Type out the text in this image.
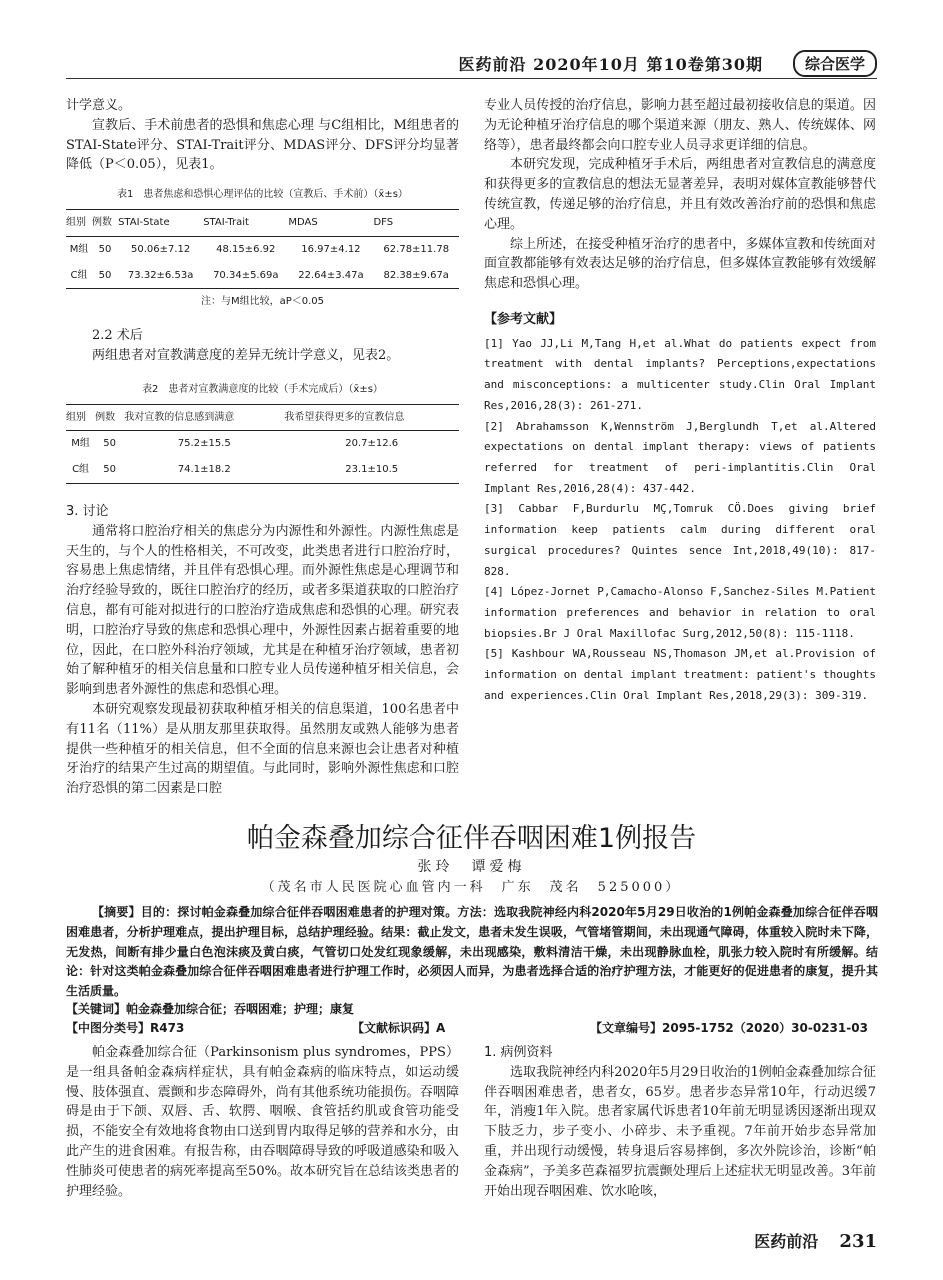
医药前沿 2020年10月 第10卷第30期	综合医学

计学意义。

宣教后、手术前患者的恐惧和焦虑心理 与C组相比，M组患者的STAI-State评分、STAI-Trait评分、MDAS评分、DFS评分均显著降低（P＜0.05），见表1。

表1　患者焦虑和恐惧心理评估的比较（宣教后、手术前）（x̄±s）
组别	例数	STAI-State	STAI-Trait	MDAS	DFS
M组	50	50.06±7.12	48.15±6.92	16.97±4.12	62.78±11.78
C组	50	73.32±6.53a	70.34±5.69a	22.64±3.47a	82.38±9.67a
注：与M组比较，aP＜0.05

2.2 术后

两组患者对宣教满意度的差异无统计学意义，见表2。

表2　患者对宣教满意度的比较（手术完成后）（x̄±s）
组别	例数	我对宣教的信息感到满意	我希望获得更多的宣教信息
M组	50	75.2±15.5	20.7±12.6
C组	50	74.1±18.2	23.1±10.5

3. 讨论

通常将口腔治疗相关的焦虑分为内源性和外源性。内源性焦虑是天生的，与个人的性格相关，不可改变，此类患者进行口腔治疗时，容易患上焦虑情绪，并且伴有恐惧心理。而外源性焦虑是心理调节和治疗经验导致的，既往口腔治疗的经历，或者多渠道获取的口腔治疗信息，都有可能对拟进行的口腔治疗造成焦虑和恐惧的心理。研究表明，口腔治疗导致的焦虑和恐惧心理中，外源性因素占据着重要的地位，因此，在口腔外科治疗领域，尤其是在种植牙治疗领域，患者初始了解种植牙的相关信息量和口腔专业人员传递种植牙相关信息，会影响到患者外源性的焦虑和恐惧心理。

本研究观察发现最初获取种植牙相关的信息渠道，100名患者中有11名（11%）是从朋友那里获取得。虽然朋友或熟人能够为患者提供一些种植牙的相关信息，但不全面的信息来源也会让患者对种植牙治疗的结果产生过高的期望值。与此同时，影响外源性焦虑和口腔治疗恐惧的第二因素是口腔

专业人员传授的治疗信息，影响力甚至超过最初接收信息的渠道。因为无论种植牙治疗信息的哪个渠道来源（朋友、熟人、传统媒体、网络等），患者最终都会向口腔专业人员寻求更详细的信息。

本研究发现，完成种植牙手术后，两组患者对宣教信息的满意度和获得更多的宣教信息的想法无显著差异，表明对媒体宣教能够替代传统宣教，传递足够的治疗信息，并且有效改善治疗前的恐惧和焦虑心理。

综上所述，在接受种植牙治疗的患者中，多媒体宣教和传统面对面宣教都能够有效表达足够的治疗信息，但多媒体宣教能够有效缓解焦虑和恐惧心理。

【参考文献】

[1] Yao JJ,Li M,Tang H,et al.What do patients expect from treatment with dental implants? Perceptions,expectations and misconceptions: a multicenter study.Clin Oral Implant Res,2016,28(3): 261-271.

[2] Abrahamsson K,Wennström J,Berglundh T,et al.Altered expectations on dental implant therapy: views of patients referred for treatment of peri-implantitis.Clin Oral Implant Res,2016,28(4): 437-442.

[3] Cabbar F,Burdurlu MÇ,Tomruk CÖ.Does giving brief information keep patients calm during different oral surgical procedures? Quintes sence Int,2018,49(10): 817-828.

[4] López-Jornet P,Camacho-Alonso F,Sanchez-Siles M.Patient information preferences and behavior in relation to oral biopsies.Br J Oral Maxillofac Surg,2012,50(8): 115-1118.

[5] Kashbour WA,Rousseau NS,Thomason JM,et al.Provision of information on dental implant treatment: patient's thoughts and experiences.Clin Oral Implant Res,2018,29(3): 309-319.

帕金森叠加综合征伴吞咽困难1例报告
张玲　谭爱梅
（茂名市人民医院心血管内一科　广东　茂名　525000）
【摘要】目的：探讨帕金森叠加综合征伴吞咽困难患者的护理对策。方法：选取我院神经内科2020年5月29日收治的1例帕金森叠加综合征伴吞咽困难患者，分析护理难点，提出护理目标，总结护理经验。结果：截止发文，患者未发生误吸，气管堵管期间，未出现通气障碍，体重较入院时未下降，无发热，间断有排少量白色泡沫痰及黄白痰，气管切口处发红现象缓解，未出现感染，敷料清洁干燥，未出现静脉血栓，肌张力较入院时有所缓解。结论：针对这类帕金森叠加综合征伴吞咽困难患者进行护理工作时，必须因人而异，为患者选择合适的治疗护理方法，才能更好的促进患者的康复，提升其生活质量。
【关键词】帕金森叠加综合征；吞咽困难；护理；康复
【中图分类号】R473	【文献标识码】A	【文章编号】2095-1752（2020）30-0231-03

帕金森叠加综合征（Parkinsonism plus syndromes，PPS）是一组具备帕金森病样症状，具有帕金森病的临床特点，如运动缓慢、肢体强直、震颤和步态障碍外，尚有其他系统功能损伤。吞咽障碍是由于下颌、双唇、舌、软腭、咽喉、食管括约肌或食管功能受损，不能安全有效地将食物由口送到胃内取得足够的营养和水分，由此产生的进食困难。有报告称，由吞咽障碍导致的呼吸道感染和吸入性肺炎可使患者的病死率提高至50%。故本研究旨在总结该类患者的护理经验。

1. 病例资料

选取我院神经内科2020年5月29日收治的1例帕金森叠加综合征伴吞咽困难患者，患者女，65岁。患者步态异常10年，行动迟缓7年，消瘦1年入院。患者家属代诉患者10年前无明显诱因逐渐出现双下肢乏力，步子变小、小碎步、未予重视。7年前开始步态异常加重，并出现行动缓慢，转身退后容易摔倒，多次外院诊治，诊断“帕金森病”，予美多芭森福罗抗震颤处理后上述症状无明显改善。3年前开始出现吞咽困难、饮水呛咳，

医药前沿 231
